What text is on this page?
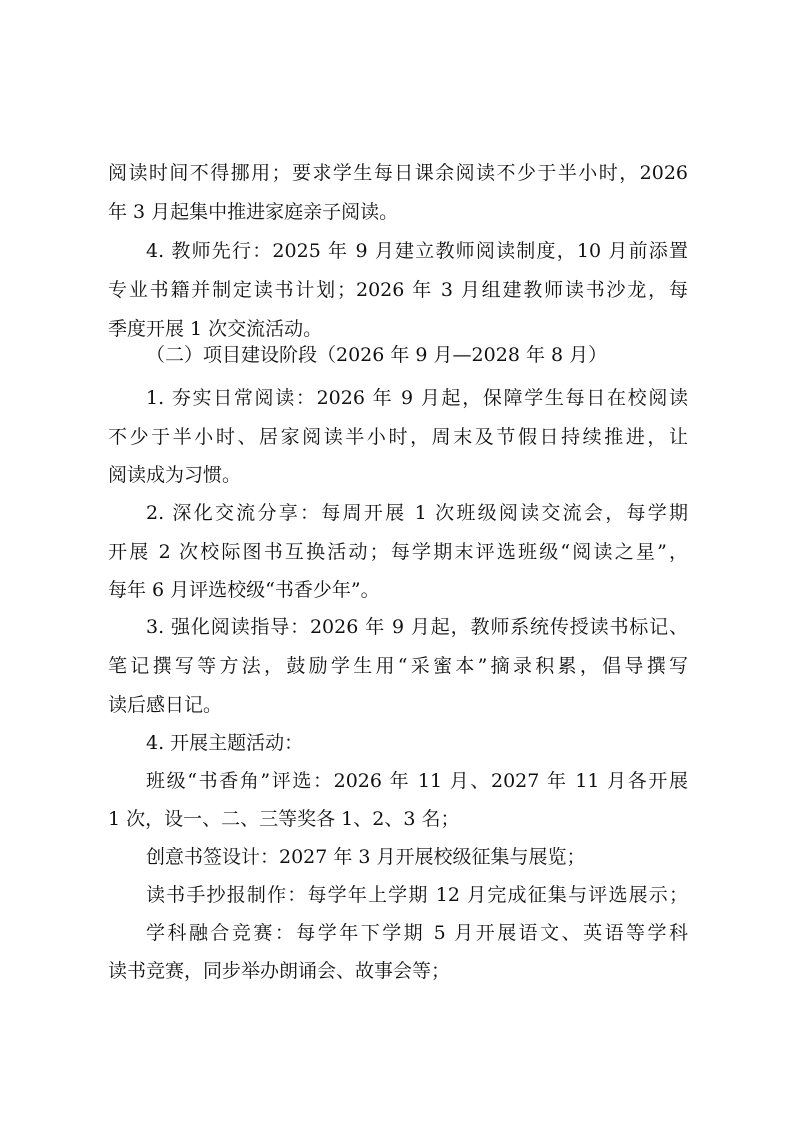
阅读时间不得挪用；要求学生每日课余阅读不少于半小时，2026
年 3 月起集中推进家庭亲子阅读。
4. 教师先行：2025 年 9 月建立教师阅读制度，10 月前添置
专业书籍并制定读书计划；2026 年 3 月组建教师读书沙龙，每
季度开展 1 次交流活动。
（二）项目建设阶段（2026 年 9 月—2028 年 8 月）
1. 夯实日常阅读：2026 年 9 月起，保障学生每日在校阅读
不少于半小时、居家阅读半小时，周末及节假日持续推进，让
阅读成为习惯。
2. 深化交流分享：每周开展 1 次班级阅读交流会，每学期
开展 2 次校际图书互换活动；每学期末评选班级“阅读之星”，
每年 6 月评选校级“书香少年”。
3. 强化阅读指导：2026 年 9 月起，教师系统传授读书标记、
笔记撰写等方法，鼓励学生用“采蜜本”摘录积累，倡导撰写
读后感日记。
4. 开展主题活动：
班级“书香角”评选：2026 年 11 月、2027 年 11 月各开展
1 次，设一、二、三等奖各 1、2、3 名；
创意书签设计：2027 年 3 月开展校级征集与展览；
读书手抄报制作：每学年上学期 12 月完成征集与评选展示；
学科融合竞赛：每学年下学期 5 月开展语文、英语等学科
读书竞赛，同步举办朗诵会、故事会等；
